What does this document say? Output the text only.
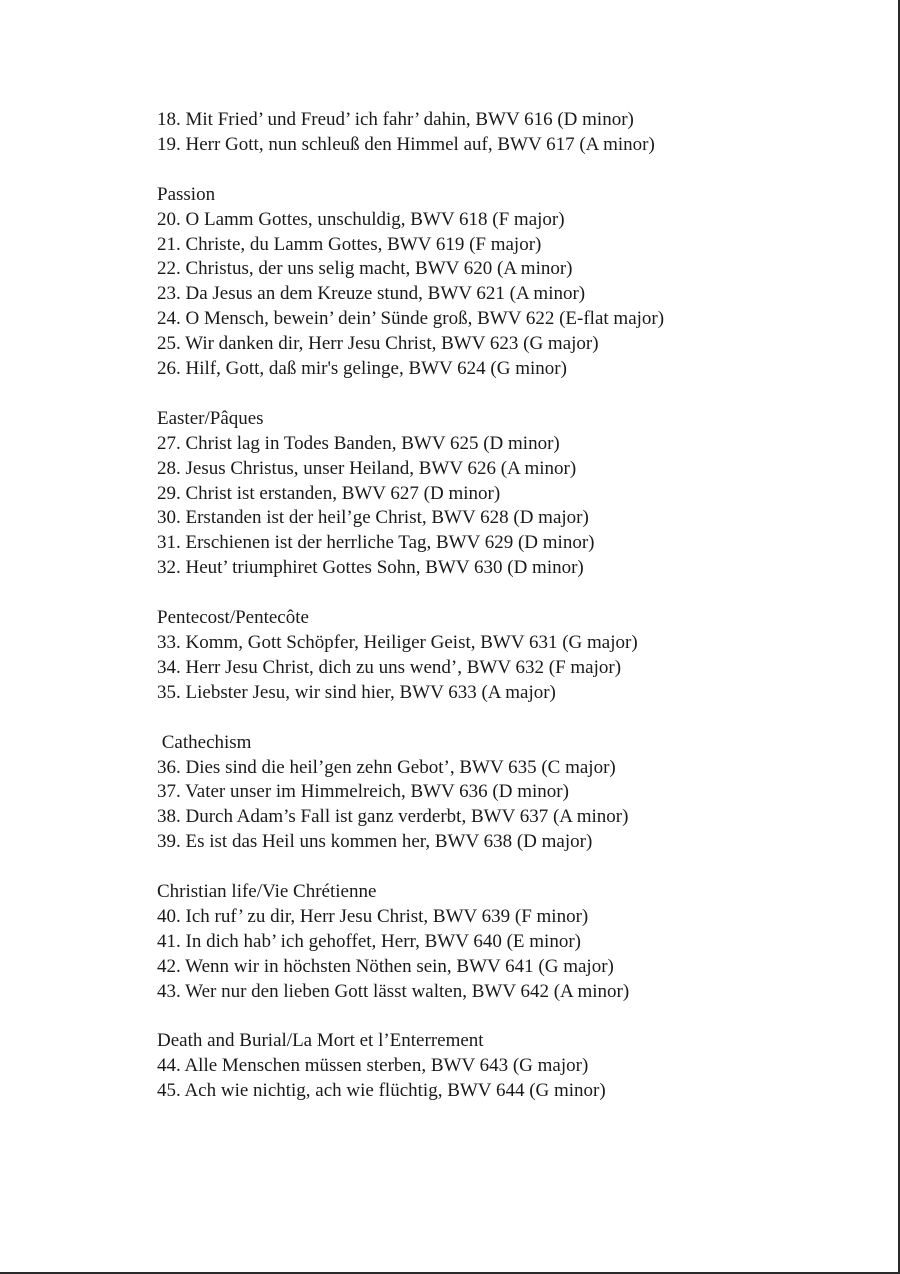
18. Mit Fried’ und Freud’ ich fahr’ dahin, BWV 616 (D minor)
19. Herr Gott, nun schleuß den Himmel auf, BWV 617 (A minor)
Passion
20. O Lamm Gottes, unschuldig, BWV 618 (F major)
21. Christe, du Lamm Gottes, BWV 619 (F major)
22. Christus, der uns selig macht, BWV 620 (A minor)
23. Da Jesus an dem Kreuze stund, BWV 621 (A minor)
24. O Mensch, bewein’ dein’ Sünde groß, BWV 622 (E-flat major)
25. Wir danken dir, Herr Jesu Christ, BWV 623 (G major)
26. Hilf, Gott, daß mir's gelinge, BWV 624 (G minor)
Easter/Pâques
27. Christ lag in Todes Banden, BWV 625 (D minor)
28. Jesus Christus, unser Heiland, BWV 626 (A minor)
29. Christ ist erstanden, BWV 627 (D minor)
30. Erstanden ist der heil’ge Christ, BWV 628 (D major)
31. Erschienen ist der herrliche Tag, BWV 629 (D minor)
32. Heut’ triumphiret Gottes Sohn, BWV 630 (D minor)
Pentecost/Pentecôte
33. Komm, Gott Schöpfer, Heiliger Geist, BWV 631 (G major)
34. Herr Jesu Christ, dich zu uns wend’, BWV 632 (F major)
35. Liebster Jesu, wir sind hier, BWV 633 (A major)
Cathechism
36. Dies sind die heil’gen zehn Gebot’, BWV 635 (C major)
37. Vater unser im Himmelreich, BWV 636 (D minor)
38. Durch Adam’s Fall ist ganz verderbt, BWV 637 (A minor)
39. Es ist das Heil uns kommen her, BWV 638 (D major)
Christian life/Vie Chrétienne
40. Ich ruf’ zu dir, Herr Jesu Christ, BWV 639 (F minor)
41. In dich hab’ ich gehoffet, Herr, BWV 640 (E minor)
42. Wenn wir in höchsten Nöthen sein, BWV 641 (G major)
43. Wer nur den lieben Gott lässt walten, BWV 642 (A minor)
Death and Burial/La Mort et l’Enterrement
44. Alle Menschen müssen sterben, BWV 643 (G major)
45. Ach wie nichtig, ach wie flüchtig, BWV 644 (G minor)
